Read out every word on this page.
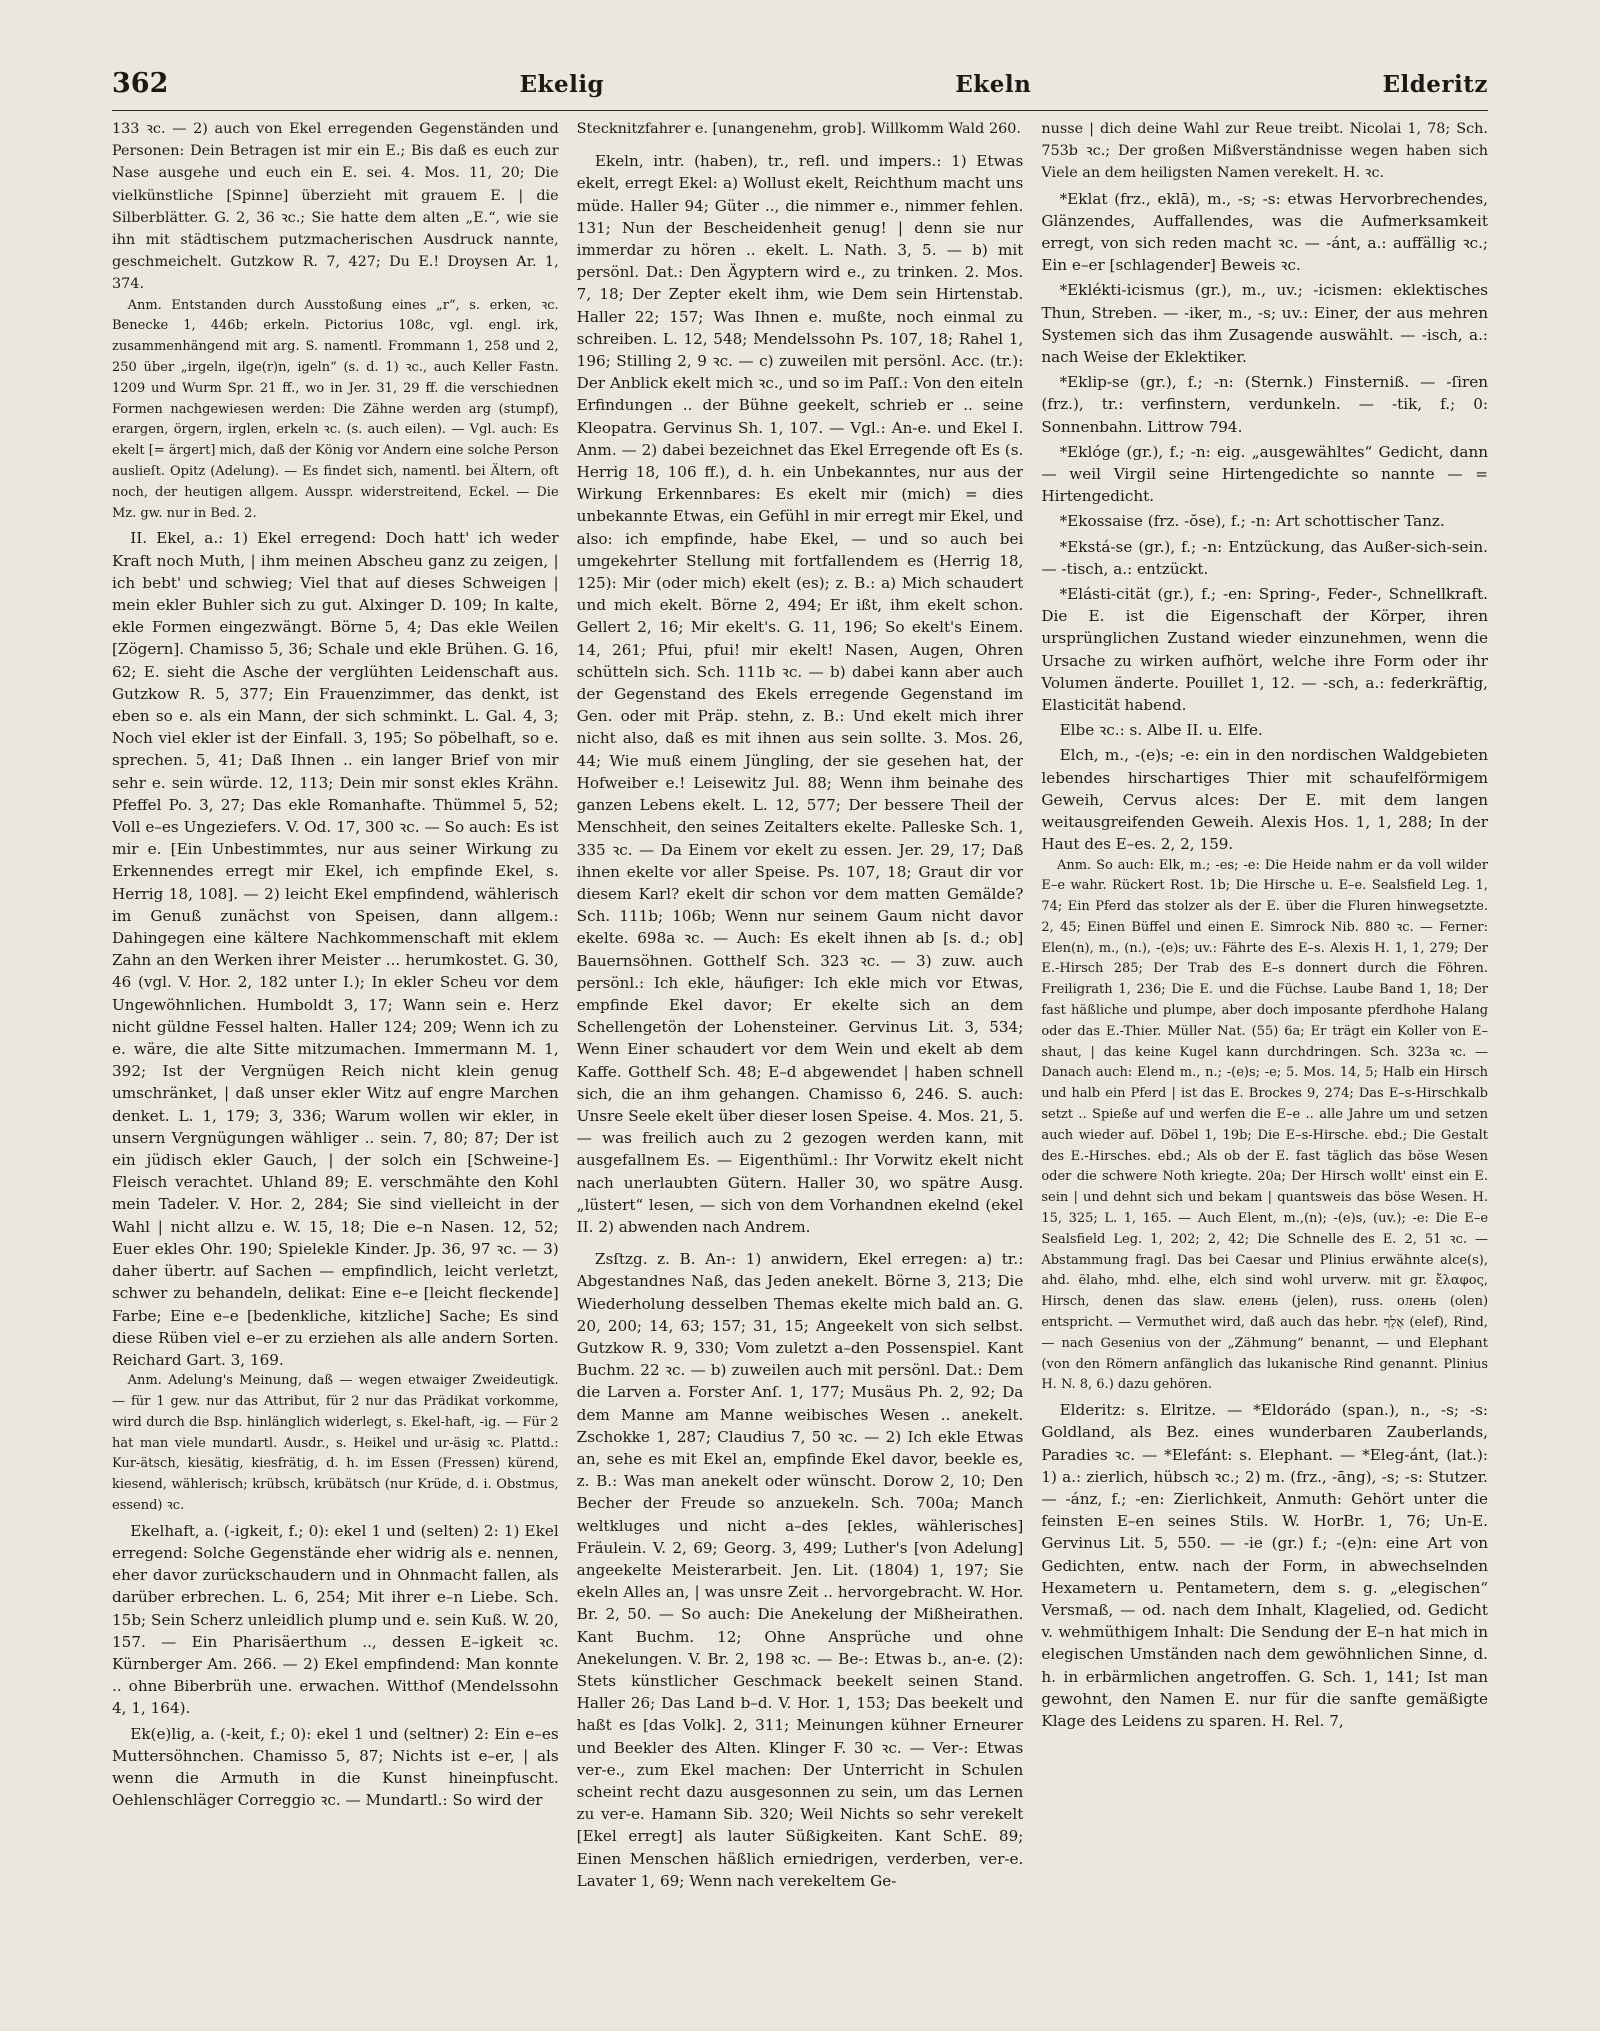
362	Ekelig	Ekeln	Elderitz

133 ꝛc. — 2) auch von Ekel erregenden Gegenständen und Personen: Dein Betragen ist mir ein E.; Bis daß es euch zur Nase ausgehe und euch ein E. sei. 4. Mos. 11, 20; Die vielkünstliche [Spinne] überzieht mit grauem E. | die Silberblätter. G. 2, 36 ꝛc.; Sie hatte dem alten „E.“, wie sie ihn mit städtischem putzmacherischen Ausdruck nannte, geschmeichelt. Gutzkow R. 7, 427; Du E.! Droysen Ar. 1, 374.

Anm. Entstanden durch Ausstoßung eines „r“, s. erken, ꝛc. Benecke 1, 446b; erkeln. Pictorius 108c, vgl. engl. irk, zusammenhängend mit arg. S. namentl. Frommann 1, 258 und 2, 250 über „irgeln, ilge(r)n, igeln“ (s. d. 1) ꝛc., auch Keller Fastn. 1209 und Wurm Spr. 21 ff., wo in Jer. 31, 29 ff. die verschiednen Formen nachgewiesen werden: Die Zähne werden arg (stumpf), erargen, örgern, irglen, erkeln ꝛc. (s. auch eilen). — Vgl. auch: Es ekelt [= ärgert] mich, daß der König vor Andern eine solche Person auslieſt. Opitz (Adelung). — Es findet sich, namentl. bei Ältern, oft noch, der heutigen allgem. Ausspr. widerstreitend, Eckel. — Die Mz. gw. nur in Bed. 2.

II. Ekel, a.: 1) Ekel erregend: Doch hatt' ich weder Kraft noch Muth, | ihm meinen Abscheu ganz zu zeigen, | ich bebt' und schwieg; Viel that auf dieses Schweigen | mein ekler Buhler sich zu gut. Alxinger D. 109; In kalte, ekle Formen eingezwängt. Börne 5, 4; Das ekle Weilen [Zögern]. Chamisso 5, 36; Schale und ekle Brühen. G. 16, 62; E. sieht die Asche der verglühten Leidenschaft aus. Gutzkow R. 5, 377; Ein Frauenzimmer, das denkt, ist eben so e. als ein Mann, der sich schminkt. L. Gal. 4, 3; Noch viel ekler ist der Einfall. 3, 195; So pöbelhaft, so e. sprechen. 5, 41; Daß Ihnen .. ein langer Brief von mir sehr e. sein würde. 12, 113; Dein mir sonst ekles Krähn. Pfeffel Po. 3, 27; Das ekle Romanhafte. Thümmel 5, 52; Voll e–es Ungeziefers. V. Od. 17, 300 ꝛc. — So auch: Es ist mir e. [Ein Unbestimmtes, nur aus seiner Wirkung zu Erkennendes erregt mir Ekel, ich empfinde Ekel, s. Herrig 18, 108]. — 2) leicht Ekel empfindend, wählerisch im Genuß zunächst von Speisen, dann allgem.: Dahingegen eine kältere Nachkommenschaft mit eklem Zahn an den Werken ihrer Meister ... herumkostet. G. 30, 46 (vgl. V. Hor. 2, 182 unter I.); In ekler Scheu vor dem Ungewöhnlichen. Humboldt 3, 17; Wann sein e. Herz nicht güldne Fessel halten. Haller 124; 209; Wenn ich zu e. wäre, die alte Sitte mitzumachen. Immermann M. 1, 392; Ist der Vergnügen Reich nicht klein genug umschränket, | daß unser ekler Witz auf engre Marchen denket. L. 1, 179; 3, 336; Warum wollen wir ekler, in unsern Vergnügungen wähliger .. sein. 7, 80; 87; Der ist ein jüdisch ekler Gauch, | der solch ein [Schweine-] Fleisch verachtet. Uhland 89; E. verschmähte den Kohl mein Tadeler. V. Hor. 2, 284; Sie sind vielleicht in der Wahl | nicht allzu e. W. 15, 18; Die e–n Nasen. 12, 52; Euer ekles Ohr. 190; Spielekle Kinder. Jp. 36, 97 ꝛc. — 3) daher übertr. auf Sachen — empfindlich, leicht verletzt, schwer zu behandeln, delikat: Eine e–e [leicht fleckende] Farbe; Eine e–e [bedenkliche, kitzliche] Sache; Es sind diese Rüben viel e–er zu erziehen als alle andern Sorten. Reichard Gart. 3, 169.

Anm. Adelung's Meinung, daß — wegen etwaiger Zweideutigk. — für 1 gew. nur das Attribut, für 2 nur das Prädikat vorkomme, wird durch die Bsp. hinlänglich widerlegt, s. Ekel-haft, -ig. — Für 2 hat man viele mundartl. Ausdr., s. Heikel und ur-äsig ꝛc. Plattd.: Kur-ätsch, kiesätig, kiesfrätig, d. h. im Essen (Fressen) kürend, kiesend, wählerisch; krübsch, krübätsch (nur Krüde, d. i. Obstmus, essend) ꝛc.

Ekelhaft, a. (-igkeit, f.; 0): ekel 1 und (selten) 2: 1) Ekel erregend: Solche Gegenstände eher widrig als e. nennen, eher davor zurückschaudern und in Ohnmacht fallen, als darüber erbrechen. L. 6, 254; Mit ihrer e–n Liebe. Sch. 15b; Sein Scherz unleidlich plump und e. sein Kuß. W. 20, 157. — Ein Pharisäerthum .., dessen E–igkeit ꝛc. Kürnberger Am. 266. — 2) Ekel empfindend: Man konnte .. ohne Biberbrüh une. erwachen. Witthof (Mendelssohn 4, 1, 164).

Ek(e)lig, a. (-keit, f.; 0): ekel 1 und (seltner) 2: Ein e–es Muttersöhnchen. Chamisso 5, 87; Nichts ist e–er, | als wenn die Armuth in die Kunst hineinpfuscht. Oehlenschläger Correggio ꝛc. — Mundartl.: So wird der

Stecknitzfahrer e. [unangenehm, grob]. Willkomm Wald 260.

Ekeln, intr. (haben), tr., refl. und impers.: 1) Etwas ekelt, erregt Ekel: a) Wollust ekelt, Reichthum macht uns müde. Haller 94; Güter .., die nimmer e., nimmer fehlen. 131; Nun der Bescheidenheit genug! | denn sie nur immerdar zu hören .. ekelt. L. Nath. 3, 5. — b) mit persönl. Dat.: Den Ägyptern wird e., zu trinken. 2. Mos. 7, 18; Der Zepter ekelt ihm, wie Dem sein Hirtenstab. Haller 22; 157; Was Ihnen e. mußte, noch einmal zu schreiben. L. 12, 548; Mendelssohn Ps. 107, 18; Rahel 1, 196; Stilling 2, 9 ꝛc. — c) zuweilen mit persönl. Acc. (tr.): Der Anblick ekelt mich ꝛc., und so im Paſſ.: Von den eiteln Erfindungen .. der Bühne geekelt, schrieb er .. seine Kleopatra. Gervinus Sh. 1, 107. — Vgl.: An-e. und Ekel I. Anm. — 2) dabei bezeichnet das Ekel Erregende oft Es (s. Herrig 18, 106 ff.), d. h. ein Unbekanntes, nur aus der Wirkung Erkennbares: Es ekelt mir (mich) = dies unbekannte Etwas, ein Gefühl in mir erregt mir Ekel, und also: ich empfinde, habe Ekel, — und so auch bei umgekehrter Stellung mit fortfallendem es (Herrig 18, 125): Mir (oder mich) ekelt (es); z. B.: a) Mich schaudert und mich ekelt. Börne 2, 494; Er ißt, ihm ekelt schon. Gellert 2, 16; Mir ekelt's. G. 11, 196; So ekelt's Einem. 14, 261; Pfui, pfui! mir ekelt! Nasen, Augen, Ohren schütteln sich. Sch. 111b ꝛc. — b) dabei kann aber auch der Gegenstand des Ekels erregende Gegenstand im Gen. oder mit Präp. stehn, z. B.: Und ekelt mich ihrer nicht also, daß es mit ihnen aus sein sollte. 3. Mos. 26, 44; Wie muß einem Jüngling, der sie gesehen hat, der Hofweiber e.! Leisewitz Jul. 88; Wenn ihm beinahe des ganzen Lebens ekelt. L. 12, 577; Der bessere Theil der Menschheit, den seines Zeitalters ekelte. Palleske Sch. 1, 335 ꝛc. — Da Einem vor ekelt zu essen. Jer. 29, 17; Daß ihnen ekelte vor aller Speise. Ps. 107, 18; Graut dir vor diesem Karl? ekelt dir schon vor dem matten Gemälde? Sch. 111b; 106b; Wenn nur seinem Gaum nicht davor ekelte. 698a ꝛc. — Auch: Es ekelt ihnen ab [s. d.; ob] Bauernsöhnen. Gotthelf Sch. 323 ꝛc. — 3) zuw. auch persönl.: Ich ekle, häufiger: Ich ekle mich vor Etwas, empfinde Ekel davor; Er ekelte sich an dem Schellengetön der Lohensteiner. Gervinus Lit. 3, 534; Wenn Einer schaudert vor dem Wein und ekelt ab dem Kaffe. Gotthelf Sch. 48; E–d abgewendet | haben schnell sich, die an ihm gehangen. Chamisso 6, 246. S. auch: Unsre Seele ekelt über dieser losen Speise. 4. Mos. 21, 5. — was freilich auch zu 2 gezogen werden kann, mit ausgefallnem Es. — Eigenthüml.: Ihr Vorwitz ekelt nicht nach unerlaubten Gütern. Haller 30, wo spätre Ausg. „lüstert“ lesen, — sich von dem Vorhandnen ekelnd (ekel II. 2) abwenden nach Andrem.

Zsſtzg. z. B. An-: 1) anwidern, Ekel erregen: a) tr.: Abgestandnes Naß, das Jeden anekelt. Börne 3, 213; Die Wiederholung desselben Themas ekelte mich bald an. G. 20, 200; 14, 63; 157; 31, 15; Angeekelt von sich selbst. Gutzkow R. 9, 330; Vom zuletzt a–den Possenspiel. Kant Buchm. 22 ꝛc. — b) zuweilen auch mit persönl. Dat.: Dem die Larven a. Forster Anſ. 1, 177; Musäus Ph. 2, 92; Da dem Manne am Manne weibisches Wesen .. anekelt. Zschokke 1, 287; Claudius 7, 50 ꝛc. — 2) Ich ekle Etwas an, sehe es mit Ekel an, empfinde Ekel davor, beekle es, z. B.: Was man anekelt oder wünscht. Dorow 2, 10; Den Becher der Freude so anzuekeln. Sch. 700a; Manch weltkluges und nicht a–des [ekles, wählerisches] Fräulein. V. 2, 69; Georg. 3, 499; Luther's [von Adelung] angeekelte Meisterarbeit. Jen. Lit. (1804) 1, 197; Sie ekeln Alles an, | was unsre Zeit .. hervorgebracht. W. Hor. Br. 2, 50. — So auch: Die Anekelung der Mißheirathen. Kant Buchm. 12; Ohne Ansprüche und ohne Anekelungen. V. Br. 2, 198 ꝛc. — Be-: Etwas b., an-e. (2): Stets künstlicher Geschmack beekelt seinen Stand. Haller 26; Das Land b–d. V. Hor. 1, 153; Das beekelt und haßt es [das Volk]. 2, 311; Meinungen kühner Erneurer und Beekler des Alten. Klinger F. 30 ꝛc. — Ver-: Etwas ver-e., zum Ekel machen: Der Unterricht in Schulen scheint recht dazu ausgesonnen zu sein, um das Lernen zu ver-e. Hamann Sib. 320; Weil Nichts so sehr verekelt [Ekel erregt] als lauter Süßigkeiten. Kant SchE. 89; Einen Menschen häßlich erniedrigen, verderben, ver-e. Lavater 1, 69; Wenn nach verekeltem Ge-

nusse | dich deine Wahl zur Reue treibt. Nicolai 1, 78; Sch. 753b ꝛc.; Der großen Mißverständnisse wegen haben sich Viele an dem heiligsten Namen verekelt. H. ꝛc.

*Eklat (frz., eklā), m., -s; -s: etwas Hervorbrechendes, Glänzendes, Auffallendes, was die Aufmerksamkeit erregt, von sich reden macht ꝛc. — -ánt, a.: auffällig ꝛc.; Ein e–er [schlagender] Beweis ꝛc.

*Eklékti-icismus (gr.), m., uv.; -icismen: eklektisches Thun, Streben. — -iker, m., -s; uv.: Einer, der aus mehren Systemen sich das ihm Zusagende auswählt. — -isch, a.: nach Weise der Eklektiker.

*Eklip-se (gr.), f.; -n: (Sternk.) Finsterniß. — -ſiren (frz.), tr.: verfinstern, verdunkeln. — -tik, f.; 0: Sonnenbahn. Littrow 794.

*Eklóge (gr.), f.; -n: eig. „ausgewähltes“ Gedicht, dann — weil Virgil seine Hirtengedichte so nannte — = Hirtengedicht.

*Ekossaise (frz. -ŏse), f.; -n: Art schottischer Tanz.

*Ekstá-se (gr.), f.; -n: Entzückung, das Außer-sich-sein. — -tisch, a.: entzückt.

*Elásti-cität (gr.), f.; -en: Spring-, Feder-, Schnellkraft. Die E. ist die Eigenschaft der Körper, ihren ursprünglichen Zustand wieder einzunehmen, wenn die Ursache zu wirken aufhört, welche ihre Form oder ihr Volumen änderte. Pouillet 1, 12. — -sch, a.: federkräftig, Elasticität habend.

Elbe ꝛc.: s. Albe II. u. Elfe.

Elch, m., -(e)s; -e: ein in den nordischen Waldgebieten lebendes hirschartiges Thier mit schaufelförmigem Geweih, Cervus alces: Der E. mit dem langen weitausgreifenden Geweih. Alexis Hos. 1, 1, 288; In der Haut des E–es. 2, 2, 159.

Anm. So auch: Elk, m.; -es; -e: Die Heide nahm er da voll wilder E–e wahr. Rückert Rost. 1b; Die Hirsche u. E–e. Sealsfield Leg. 1, 74; Ein Pferd das stolzer als der E. über die Fluren hinwegsetzte. 2, 45; Einen Büffel und einen E. Simrock Nib. 880 ꝛc. — Ferner: Elen(n), m., (n.), -(e)s; uv.: Fährte des E–s. Alexis H. 1, 1, 279; Der E.-Hirsch 285; Der Trab des E–s donnert durch die Föhren. Freiligrath 1, 236; Die E. und die Füchse. Laube Band 1, 18; Der fast häßliche und plumpe, aber doch imposante pferdhohe Halang oder das E.-Thier. Müller Nat. (55) 6a; Er trägt ein Koller von E–shaut, | das keine Kugel kann durchdringen. Sch. 323a ꝛc. — Danach auch: Elend m., n.; -(e)s; -e; 5. Mos. 14, 5; Halb ein Hirsch und halb ein Pferd | ist das E. Brockes 9, 274; Das E–s-Hirschkalb setzt .. Spieße auf und werfen die E–e .. alle Jahre um und setzen auch wieder auf. Döbel 1, 19b; Die E–s-Hirsche. ebd.; Die Gestalt des E.-Hirsches. ebd.; Als ob der E. fast täglich das böse Wesen oder die schwere Noth kriegte. 20a; Der Hirsch wollt' einst ein E. sein | und dehnt sich und bekam | quantsweis das böse Wesen. H. 15, 325; L. 1, 165. — Auch Elent, m.,(n); -(e)s, (uv.); -e: Die E–e Sealsfield Leg. 1, 202; 2, 42; Die Schnelle des E. 2, 51 ꝛc. — Abstammung fragl. Das bei Caesar und Plinius erwähnte alce(s), ahd. ëlaho, mhd. elhe, elch sind wohl urverw. mit gr. ἔλαφος, Hirsch, denen das slaw. елень (jelen), russ. олень (olen) entspricht. — Vermuthet wird, daß auch das hebr. אֶלֶף (elef), Rind, — nach Gesenius von der „Zähmung“ benannt, — und Elephant (von den Römern anfänglich das lukanische Rind genannt. Plinius H. N. 8, 6.) dazu gehören.

Elderitz: s. Elritze. — *Eldorádo (span.), n., -s; -s: Goldland, als Bez. eines wunderbaren Zauberlands, Paradies ꝛc. — *Elefánt: s. Elephant. — *Eleg-ánt, (lat.): 1) a.: zierlich, hübsch ꝛc.; 2) m. (frz., -āng), -s; -s: Stutzer. — -ánz, f.; -en: Zierlichkeit, Anmuth: Gehört unter die feinsten E–en seines Stils. W. HorBr. 1, 76; Un-E. Gervinus Lit. 5, 550. — -ie (gr.) f.; -(e)n: eine Art von Gedichten, entw. nach der Form, in abwechselnden Hexametern u. Pentametern, dem s. g. „elegischen“ Versmaß, — od. nach dem Inhalt, Klagelied, od. Gedicht v. wehmüthigem Inhalt: Die Sendung der E–n hat mich in elegischen Umständen nach dem gewöhnlichen Sinne, d. h. in erbärmlichen angetroffen. G. Sch. 1, 141; Ist man gewohnt, den Namen E. nur für die sanfte gemäßigte Klage des Leidens zu sparen. H. Rel. 7,
